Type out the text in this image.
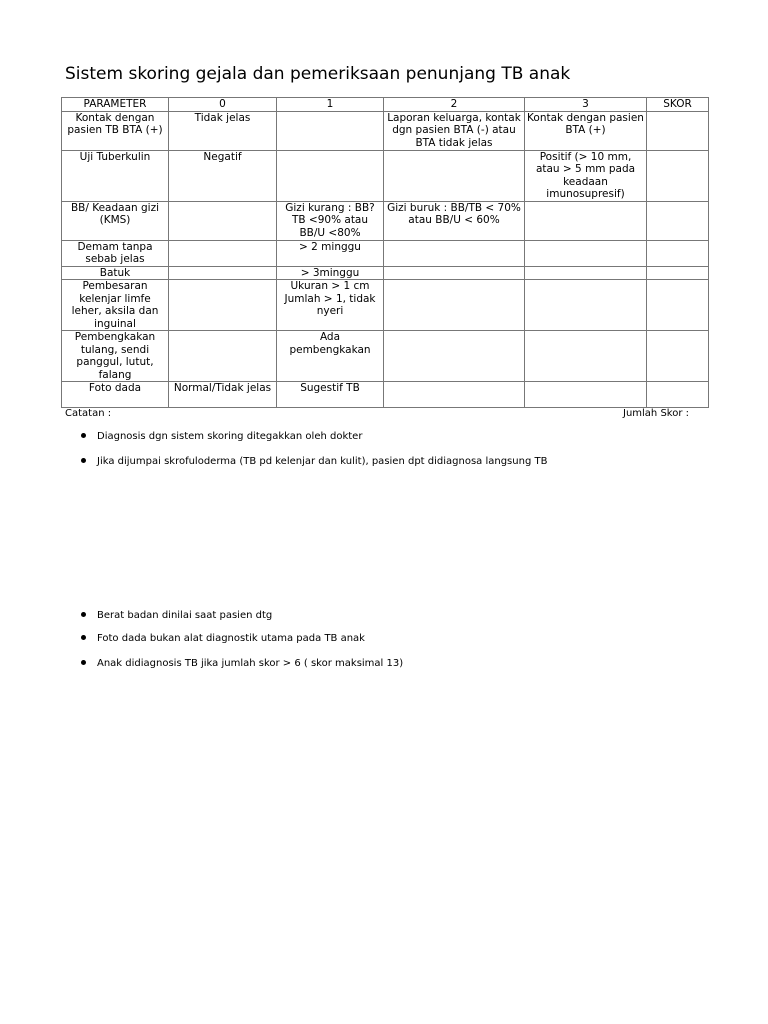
Sistem skoring gejala dan pemeriksaan penunjang TB anak
PARAMETER	0	1	2	3	SKOR
Kontak dengan pasien TB BTA (+)	Tidak jelas		Laporan keluarga, kontak dgn pasien BTA (-) atau BTA tidak jelas	Kontak dengan pasien BTA (+)	
Uji Tuberkulin	Negatif			Positif (> 10 mm, atau > 5 mm pada keadaan imunosupresif)	
BB/ Keadaan gizi (KMS)		Gizi kurang : BB? TB <90% atau BB/U <80%	Gizi buruk : BB/TB < 70% atau BB/U < 60%		
Demam tanpa sebab jelas		> 2 minggu			
Batuk		> 3minggu			
Pembesaran kelenjar limfe leher, aksila dan inguinal		Ukuran > 1 cm Jumlah > 1, tidak nyeri			
Pembengkakan tulang, sendi panggul, lutut, falang		Ada pembengkakan			
Foto dada	Normal/Tidak jelas	Sugestif TB			
Catatan :	Jumlah Skor :
Diagnosis dgn sistem skoring ditegakkan oleh dokter
Jika dijumpai skrofuloderma (TB pd kelenjar dan kulit), pasien dpt didiagnosa langsung TB
Berat badan dinilai saat pasien dtg
Foto dada bukan alat diagnostik utama pada TB anak
Anak didiagnosis TB jika jumlah skor > 6 ( skor maksimal 13)
